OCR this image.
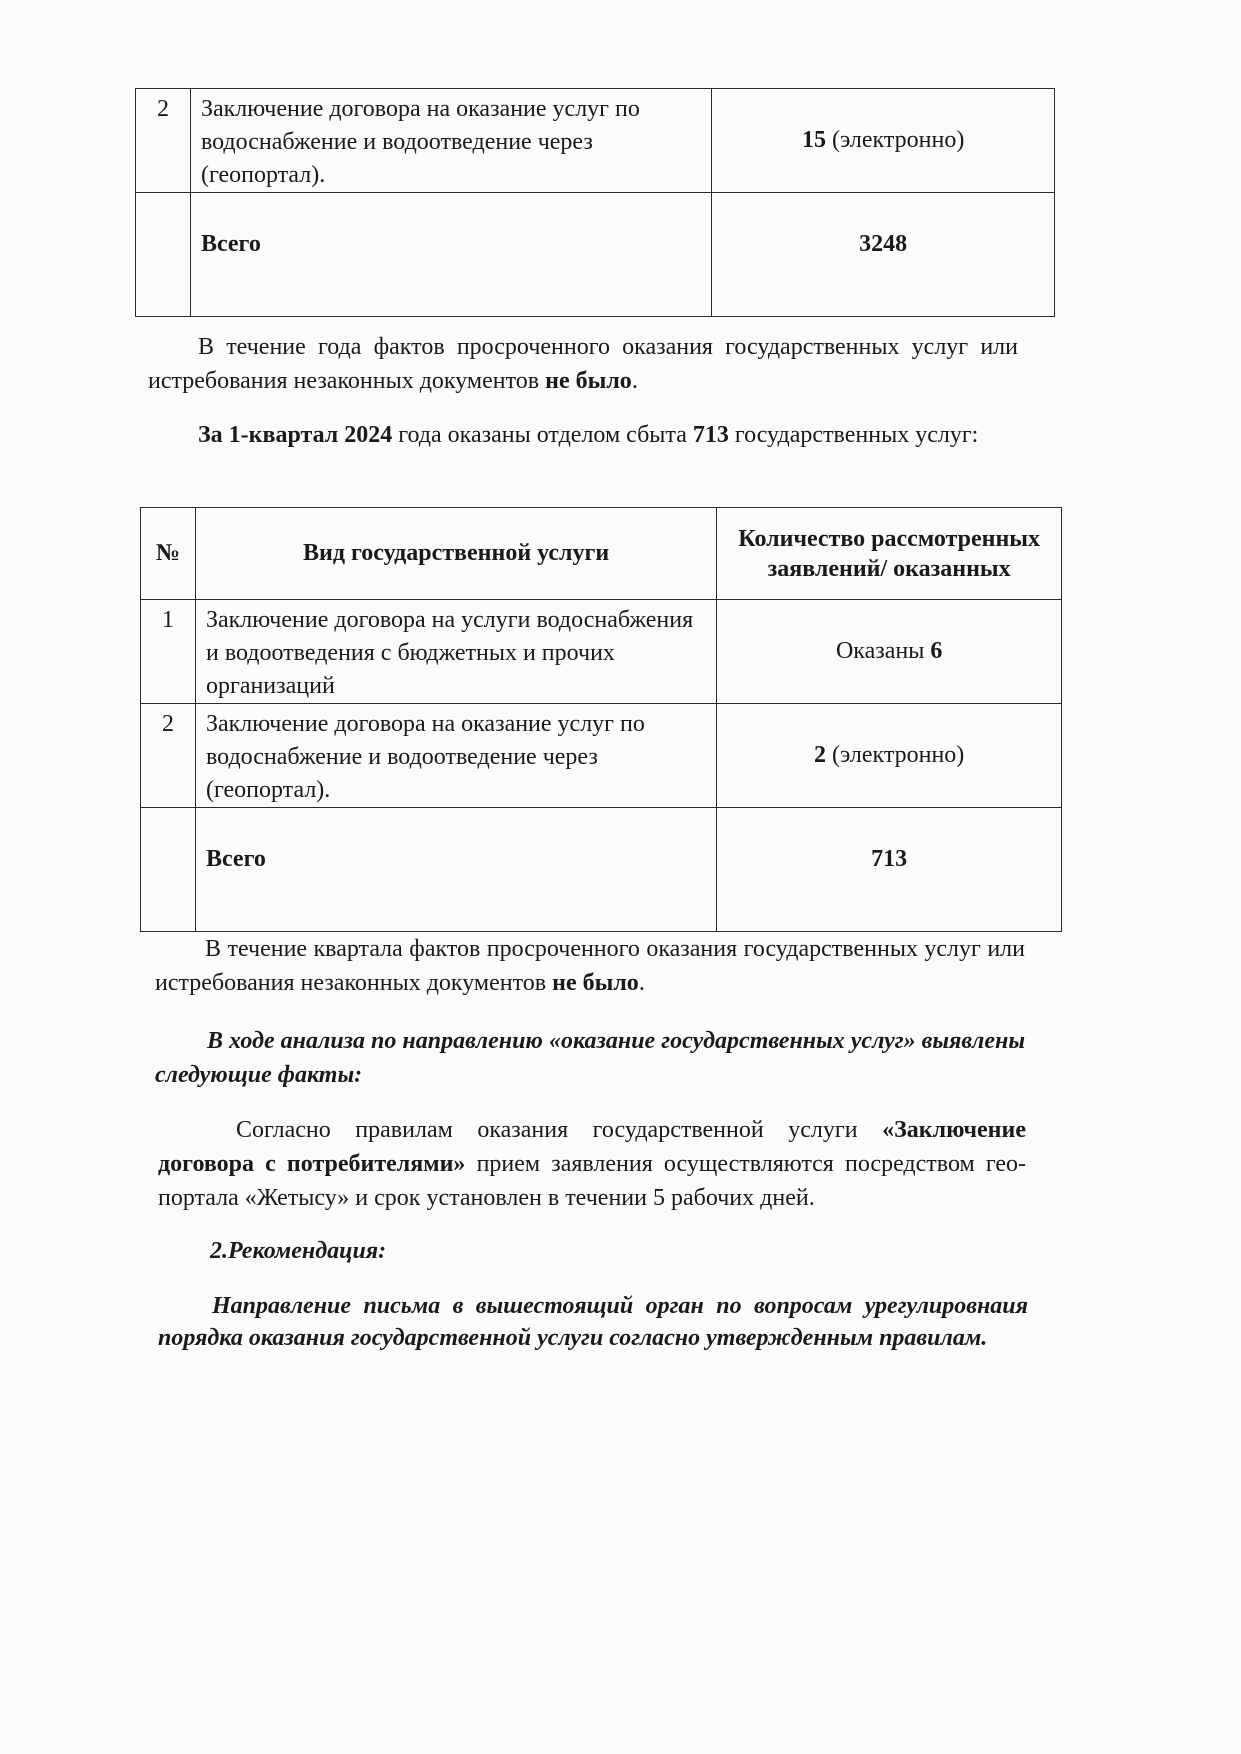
2	Заключение договора на оказание услуг по водоснабжение и водоотведение через (геопортал).	15 (электронно)
	Всего	3248
В течение года фактов просроченного оказания государственных услуг или истребования незаконных документов не было.
За 1-квартал 2024 года оказаны отделом сбыта 713 государственных услуг:
№	Вид государственной услуги	Количество рассмотренных заявлений/ оказанных
1	Заключение договора на услуги водоснабжения и водоотведения с бюджетных и прочих организаций	Оказаны 6
2	Заключение договора на оказание услуг по водоснабжение и водоотведение через (геопортал).	2 (электронно)
	Всего	713
В течение квартала фактов просроченного оказания государственных услуг или истребования незаконных документов не было.
В ходе анализа по направлению «оказание государственных услуг» выявлены следующие факты:
Согласно правилам оказания государственной услуги «Заключение договора с потребителями» прием заявления осуществляются посредством гео-портала «Жетысу» и срок установлен в течении 5 рабочих дней.
2.Рекомендация:
Направление письма в вышестоящий орган по вопросам урегулировнаия порядка оказания государственной услуги согласно утвержденным правилам.
